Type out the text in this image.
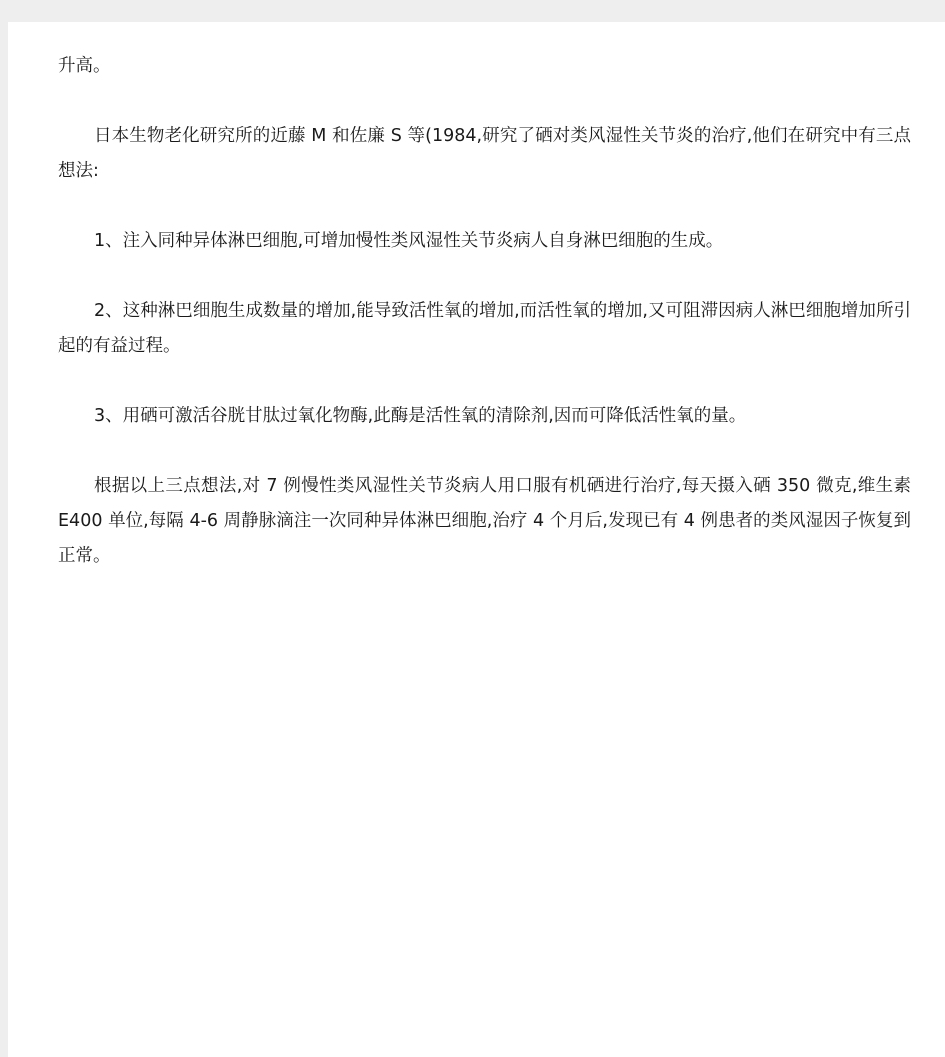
升高。

日本生物老化研究所的近藤 M 和佐廉 S 等(1984,研究了硒对类风湿性关节炎的治疗,他们在研究中有三点想法:

1、注入同种异体淋巴细胞,可增加慢性类风湿性关节炎病人自身淋巴细胞的生成。

2、这种淋巴细胞生成数量的增加,能导致活性氧的增加,而活性氧的增加,又可阻滞因病人淋巴细胞增加所引起的有益过程。

3、用硒可激活谷胱甘肽过氧化物酶,此酶是活性氧的清除剂,因而可降低活性氧的量。

根据以上三点想法,对 7 例慢性类风湿性关节炎病人用口服有机硒进行治疗,每天摄入硒 350 微克,维生素 E400 单位,每隔 4-6 周静脉滴注一次同种异体淋巴细胞,治疗 4 个月后,发现已有 4 例患者的类风湿因子恢复到正常。
